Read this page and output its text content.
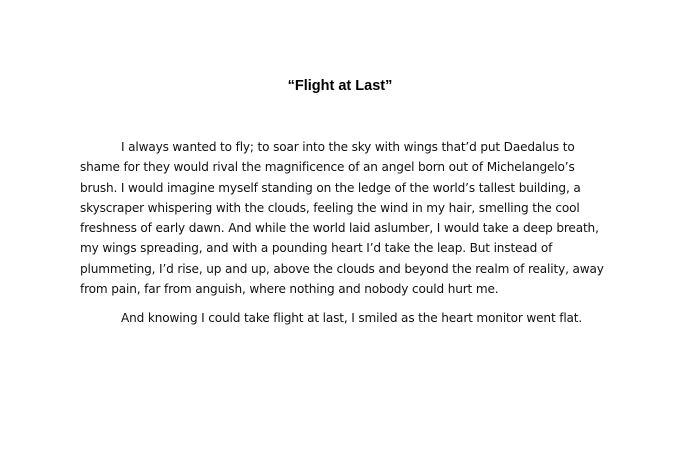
“Flight at Last”

I always wanted to fly; to soar into the sky with wings that’d put Daedalus to shame for they would rival the magnificence of an angel born out of Michelangelo’s brush. I would imagine myself standing on the ledge of the world’s tallest building, a skyscraper whispering with the clouds, feeling the wind in my hair, smelling the cool freshness of early dawn. And while the world laid aslumber, I would take a deep breath, my wings spreading, and with a pounding heart I’d take the leap. But instead of plummeting, I’d rise, up and up, above the clouds and beyond the realm of reality, away from pain, far from anguish, where nothing and nobody could hurt me.

And knowing I could take flight at last, I smiled as the heart monitor went flat.
